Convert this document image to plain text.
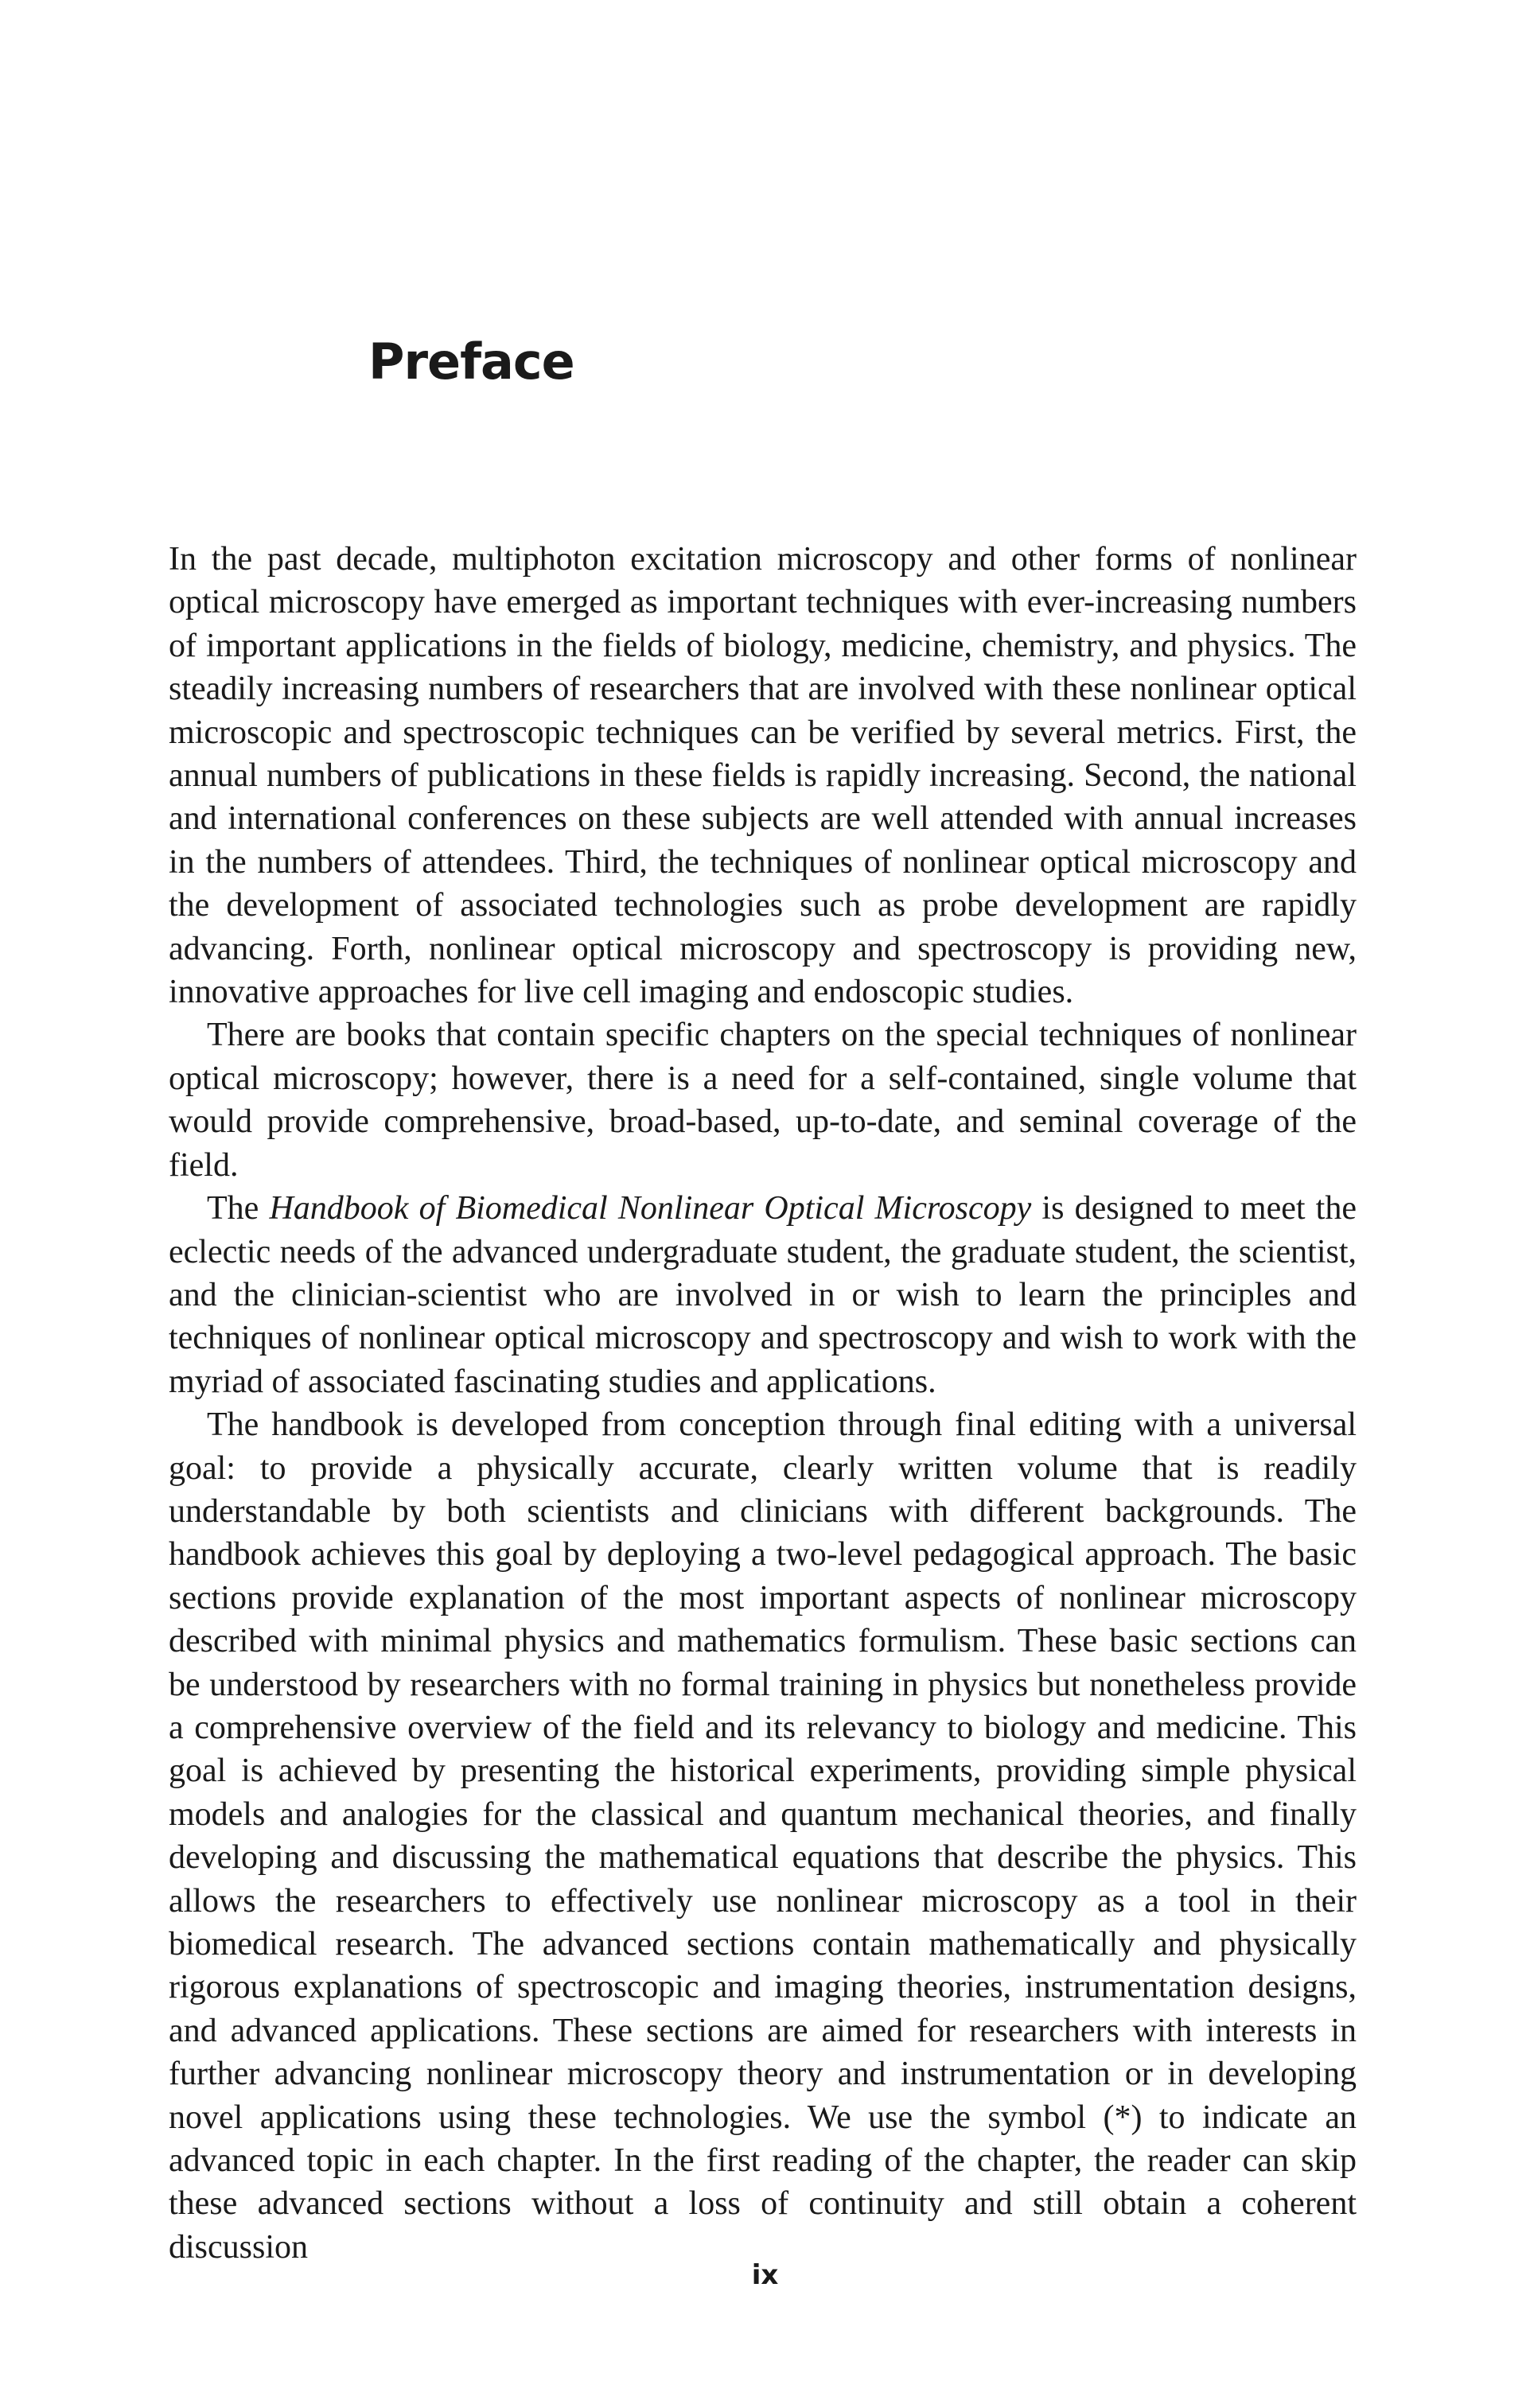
Preface

In the past decade, multiphoton excitation microscopy and other forms of nonlinear optical microscopy have emerged as important techniques with ever-increasing numbers of important applications in the fields of biology, medicine, chemistry, and physics. The steadily increasing numbers of researchers that are involved with these nonlinear optical microscopic and spectroscopic techniques can be verified by several metrics. First, the annual numbers of publications in these fields is rapidly increasing. Second, the national and international conferences on these subjects are well attended with annual increases in the numbers of attendees. Third, the techniques of nonlinear optical microscopy and the development of associated technologies such as probe development are rapidly advancing. Forth, nonlinear optical microscopy and spectroscopy is providing new, innovative approaches for live cell imaging and endoscopic studies.

There are books that contain specific chapters on the special techniques of nonlinear optical microscopy; however, there is a need for a self-contained, single volume that would provide comprehensive, broad-based, up-to-date, and seminal coverage of the field.

The Handbook of Biomedical Nonlinear Optical Microscopy is designed to meet the eclectic needs of the advanced undergraduate student, the graduate student, the scientist, and the clinician-scientist who are involved in or wish to learn the principles and techniques of nonlinear optical microscopy and spectroscopy and wish to work with the myriad of associated fascinating studies and applications.

The handbook is developed from conception through final editing with a universal goal: to provide a physically accurate, clearly written volume that is readily understandable by both scientists and clinicians with different backgrounds. The handbook achieves this goal by deploying a two-level pedagogical approach. The basic sections provide explanation of the most important aspects of nonlinear microscopy described with minimal physics and mathematics formulism. These basic sections can be understood by researchers with no formal training in physics but nonetheless provide a comprehensive overview of the field and its relevancy to biology and medicine. This goal is achieved by presenting the historical experiments, providing simple physical models and analogies for the classical and quantum mechanical theories, and finally developing and discussing the mathematical equations that describe the physics. This allows the researchers to effectively use nonlinear microscopy as a tool in their biomedical research. The advanced sections contain mathematically and physically rigorous explanations of spectroscopic and imaging theories, instrumentation designs, and advanced applications. These sections are aimed for researchers with interests in further advancing nonlinear microscopy theory and instrumentation or in developing novel applications using these technologies. We use the symbol (*) to indicate an advanced topic in each chapter. In the first reading of the chapter, the reader can skip these advanced sections without a loss of continuity and still obtain a coherent discussion

ix
